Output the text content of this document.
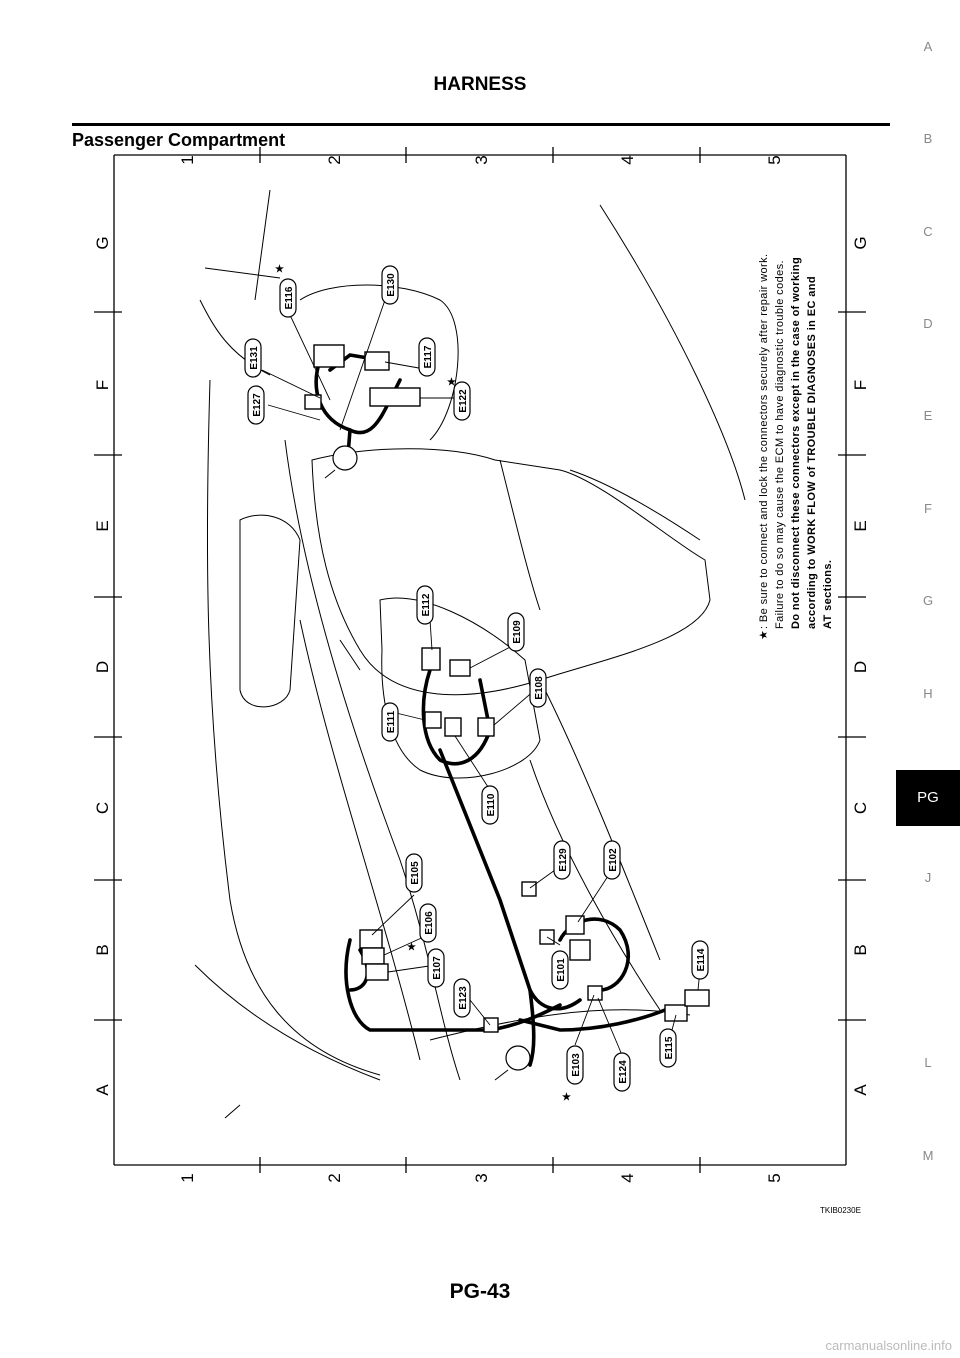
HARNESS
Passenger Compartment
1	2	3	4	5
1	2	3	4	5
G
F
E
D
C
B
A
G
F
E
D
C
B
A
E116
E130
E131	E117
E127	E122
E112
E109
E111
E108
E110
E105
E129	E102
E106
E107	E101	E114
E123
E103	E124
E115
★
★
★
★
★
: Be sure to connect and lock the connectors securely after repair work. Failure to do so may cause the ECM to have diagnostic trouble codes. Do not disconnect these connectors except in the case of working according to WORK FLOW of TROUBLE DIAGNOSES in EC and AT sections.
TKIB0230E
A
B
C
D
E
F
G
H
J
L
M
PG
PG-43
carmanualsonline.info
